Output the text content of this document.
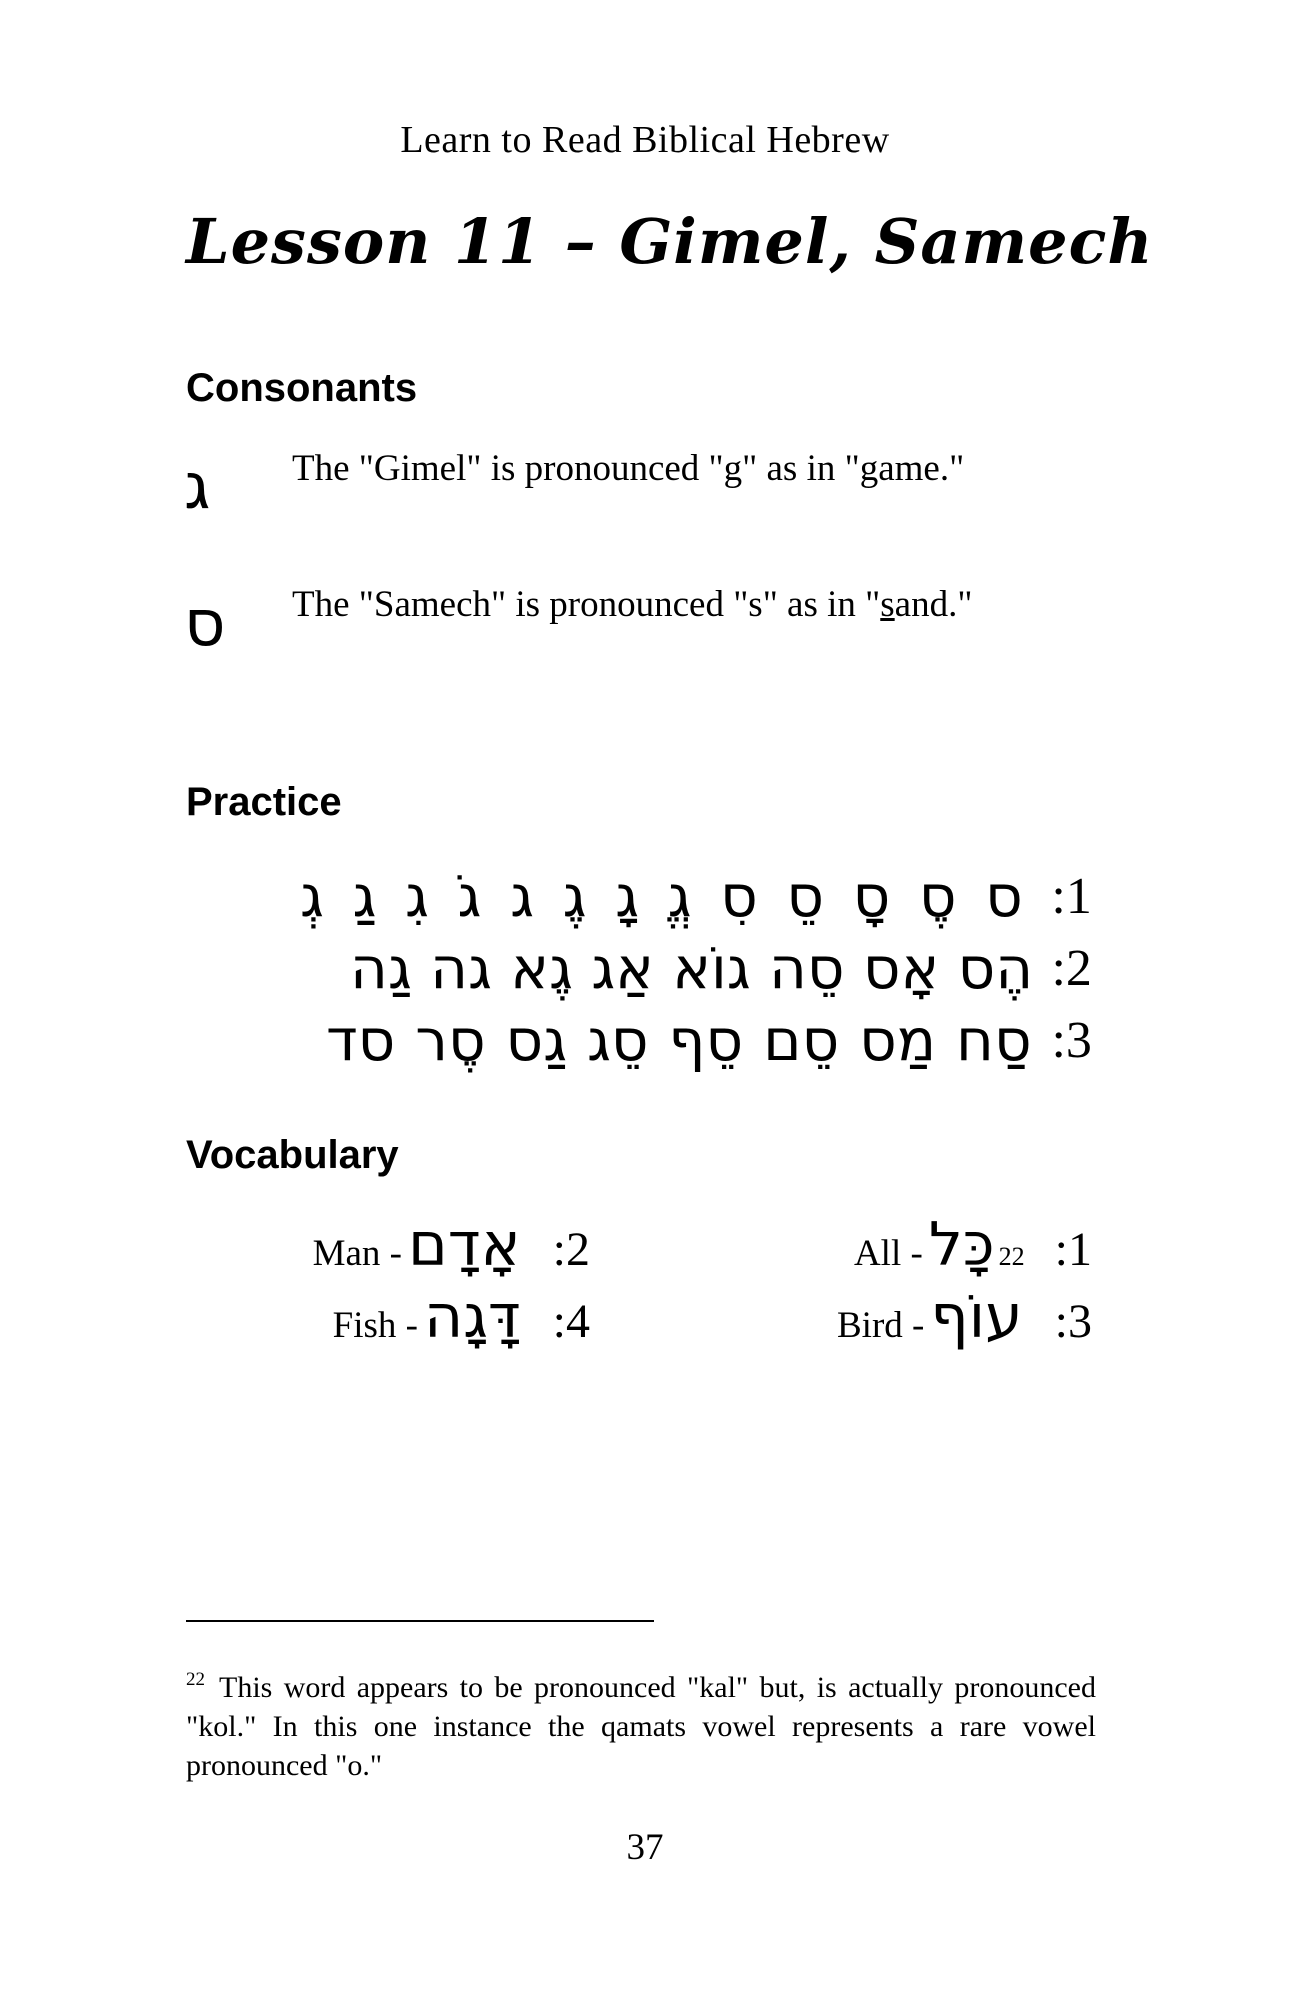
Learn to Read Biblical Hebrew
Lesson 11 – Gimel, Samech
Consonants
ג The "Gimel" is pronounced "g" as in "game."
ס The "Samech" is pronounced "s" as in "sand."
Practice
:1
ס
סֶ
סָ
סֵ
סִ
גֱ
גָ
גֶ
ג
גֹ
גִ
גַ
גְ
:2
הֶס
אָס
סֵה
גוֹא
אַג
גֶא
גה
גַה
:3
סַח
מַס
סֵם
סֵף
סֵג
גַס
סֶר
סד
Vocabulary
All - כָּל 22 :1
Man - אָדָם :2
Bird - עוֹף :3
Fish - דָּגָה :4
$^{22}$ This word appears to be pronounced "kal" but, is actually pronounced "kol." In this one instance the qamats vowel represents a rare vowel pronounced "o."
37
